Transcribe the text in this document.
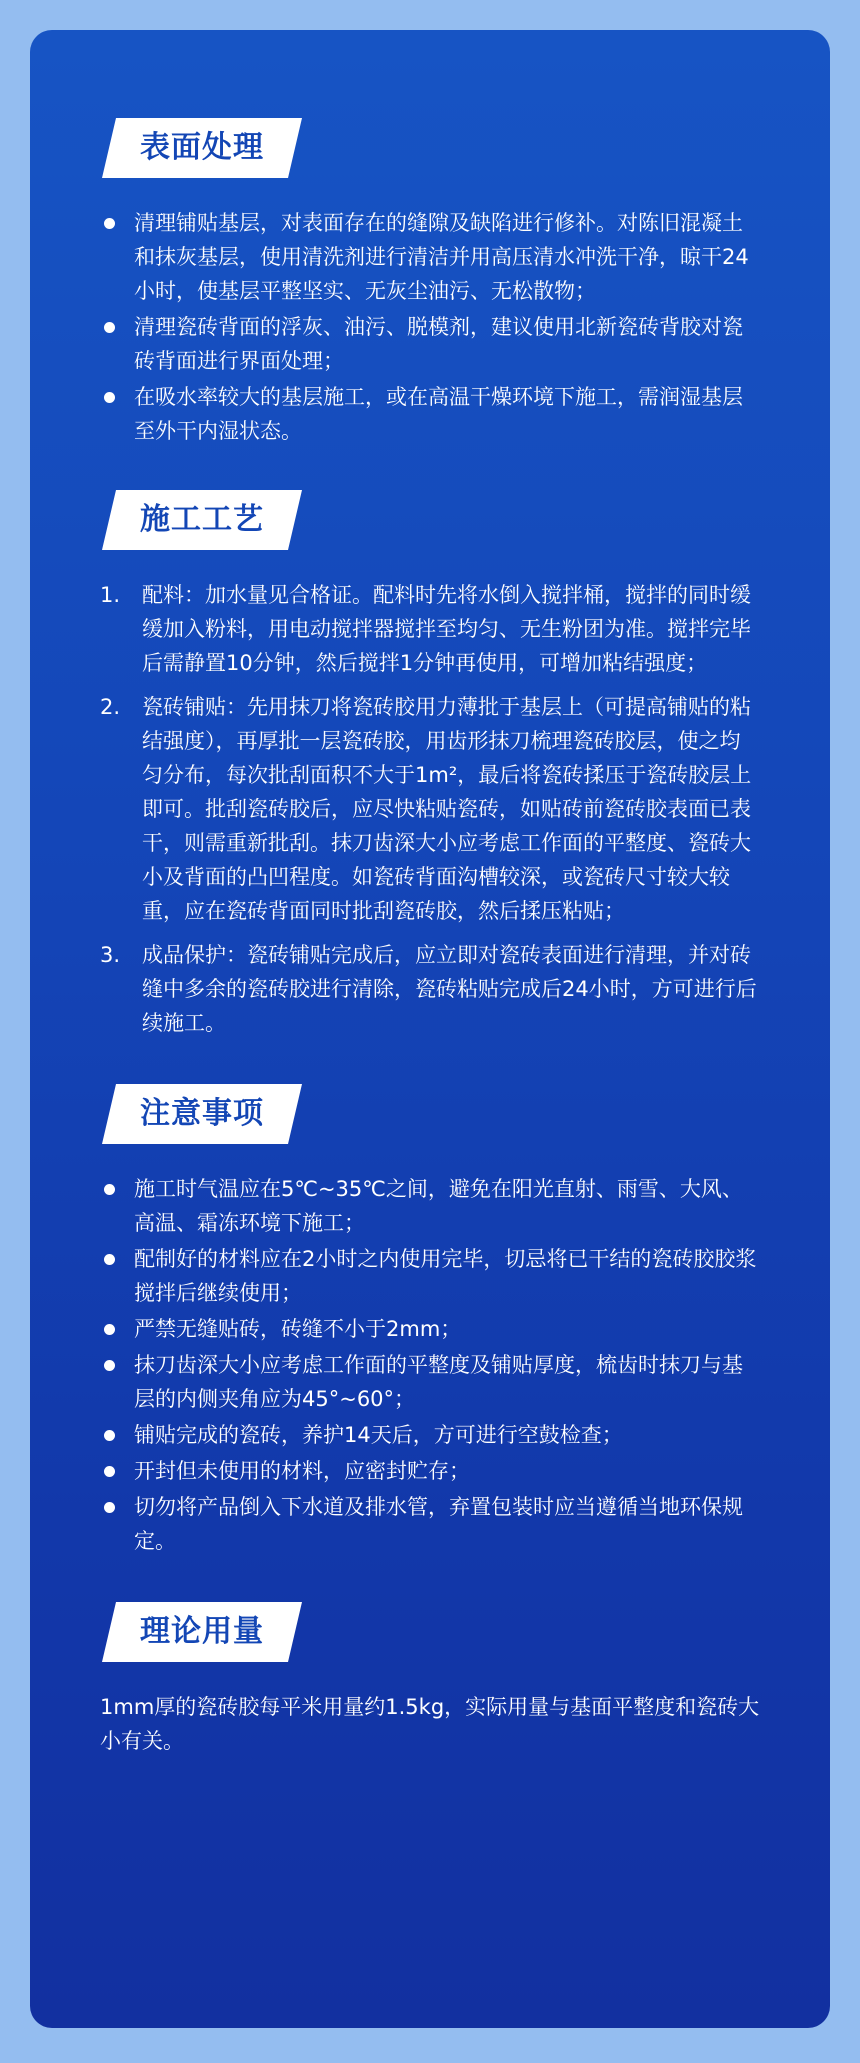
表面处理
清理铺贴基层，对表面存在的缝隙及缺陷进行修补。对陈旧混凝土和抹灰基层，使用清洗剂进行清洁并用高压清水冲洗干净，晾干24小时，使基层平整坚实、无灰尘油污、无松散物；
清理瓷砖背面的浮灰、油污、脱模剂，建议使用北新瓷砖背胶对瓷砖背面进行界面处理；
在吸水率较大的基层施工，或在高温干燥环境下施工，需润湿基层至外干内湿状态。
施工工艺
1. 配料：加水量见合格证。配料时先将水倒入搅拌桶，搅拌的同时缓缓加入粉料，用电动搅拌器搅拌至均匀、无生粉团为准。搅拌完毕后需静置10分钟，然后搅拌1分钟再使用，可增加粘结强度；
2. 瓷砖铺贴：先用抹刀将瓷砖胶用力薄批于基层上（可提高铺贴的粘结强度），再厚批一层瓷砖胶，用齿形抹刀梳理瓷砖胶层，使之均匀分布，每次批刮面积不大于1m²，最后将瓷砖揉压于瓷砖胶层上即可。批刮瓷砖胶后，应尽快粘贴瓷砖，如贴砖前瓷砖胶表面已表干，则需重新批刮。抹刀齿深大小应考虑工作面的平整度、瓷砖大小及背面的凸凹程度。如瓷砖背面沟槽较深，或瓷砖尺寸较大较重，应在瓷砖背面同时批刮瓷砖胶，然后揉压粘贴；
3. 成品保护：瓷砖铺贴完成后，应立即对瓷砖表面进行清理，并对砖缝中多余的瓷砖胶进行清除，瓷砖粘贴完成后24小时，方可进行后续施工。
注意事项
施工时气温应在5℃~35℃之间，避免在阳光直射、雨雪、大风、高温、霜冻环境下施工；
配制好的材料应在2小时之内使用完毕，切忌将已干结的瓷砖胶胶浆搅拌后继续使用；
严禁无缝贴砖，砖缝不小于2mm；
抹刀齿深大小应考虑工作面的平整度及铺贴厚度，梳齿时抹刀与基层的内侧夹角应为45°~60°；
铺贴完成的瓷砖，养护14天后，方可进行空鼓检查；
开封但未使用的材料，应密封贮存；
切勿将产品倒入下水道及排水管，弃置包装时应当遵循当地环保规定。
理论用量

1mm厚的瓷砖胶每平米用量约1.5kg，实际用量与基面平整度和瓷砖大小有关。
